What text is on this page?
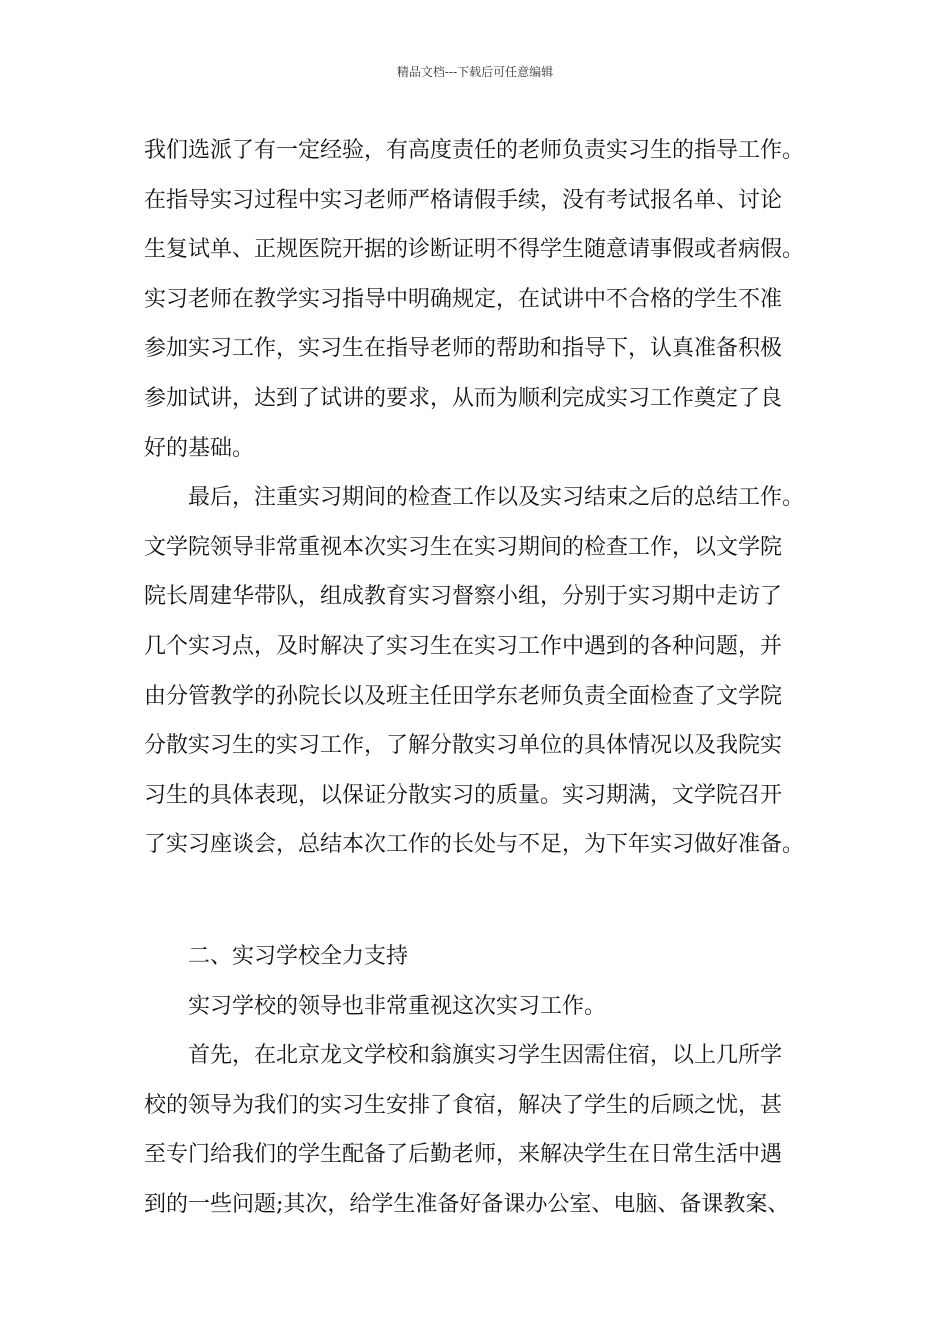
精品文档---下载后可任意编辑
我们选派了有一定经验，有高度责任的老师负责实习生的指导工作。
在指导实习过程中实习老师严格请假手续，没有考试报名单、讨论
生复试单、正规医院开据的诊断证明不得学生随意请事假或者病假。
实习老师在教学实习指导中明确规定，在试讲中不合格的学生不准
参加实习工作，实习生在指导老师的帮助和指导下，认真准备积极
参加试讲，达到了试讲的要求，从而为顺利完成实习工作奠定了良
好的基础。
最后，注重实习期间的检查工作以及实习结束之后的总结工作。
文学院领导非常重视本次实习生在实习期间的检查工作，以文学院
院长周建华带队，组成教育实习督察小组，分别于实习期中走访了
几个实习点，及时解决了实习生在实习工作中遇到的各种问题，并
由分管教学的孙院长以及班主任田学东老师负责全面检查了文学院
分散实习生的实习工作，了解分散实习单位的具体情况以及我院实
习生的具体表现，以保证分散实习的质量。实习期满，文学院召开
了实习座谈会，总结本次工作的长处与不足，为下年实习做好准备。
二、实习学校全力支持
实习学校的领导也非常重视这次实习工作。
首先，在北京龙文学校和翁旗实习学生因需住宿，以上几所学
校的领导为我们的实习生安排了食宿，解决了学生的后顾之忧，甚
至专门给我们的学生配备了后勤老师，来解决学生在日常生活中遇
到的一些问题;其次，给学生准备好备课办公室、电脑、备课教案、
